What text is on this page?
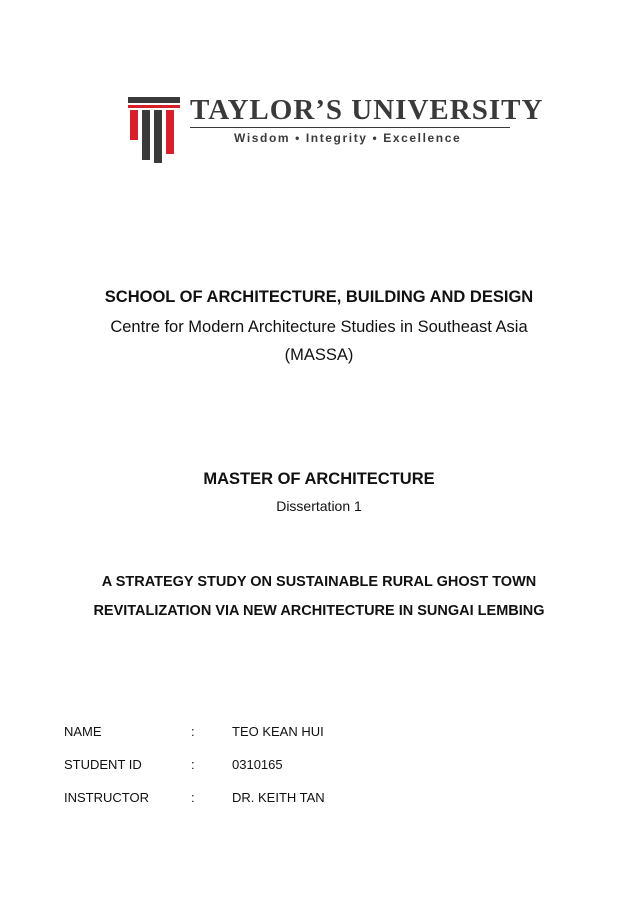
TAYLOR’S UNIVERSITY
Wisdom • Integrity • Excellence
SCHOOL OF ARCHITECTURE, BUILDING AND DESIGN
Centre for Modern Architecture Studies in Southeast Asia
(MASSA)
MASTER OF ARCHITECTURE
Dissertation 1
A STRATEGY STUDY ON SUSTAINABLE RURAL GHOST TOWN
REVITALIZATION VIA NEW ARCHITECTURE IN SUNGAI LEMBING
NAME	:	TEO KEAN HUI
STUDENT ID	:	0310165
INSTRUCTOR	:	DR. KEITH TAN
